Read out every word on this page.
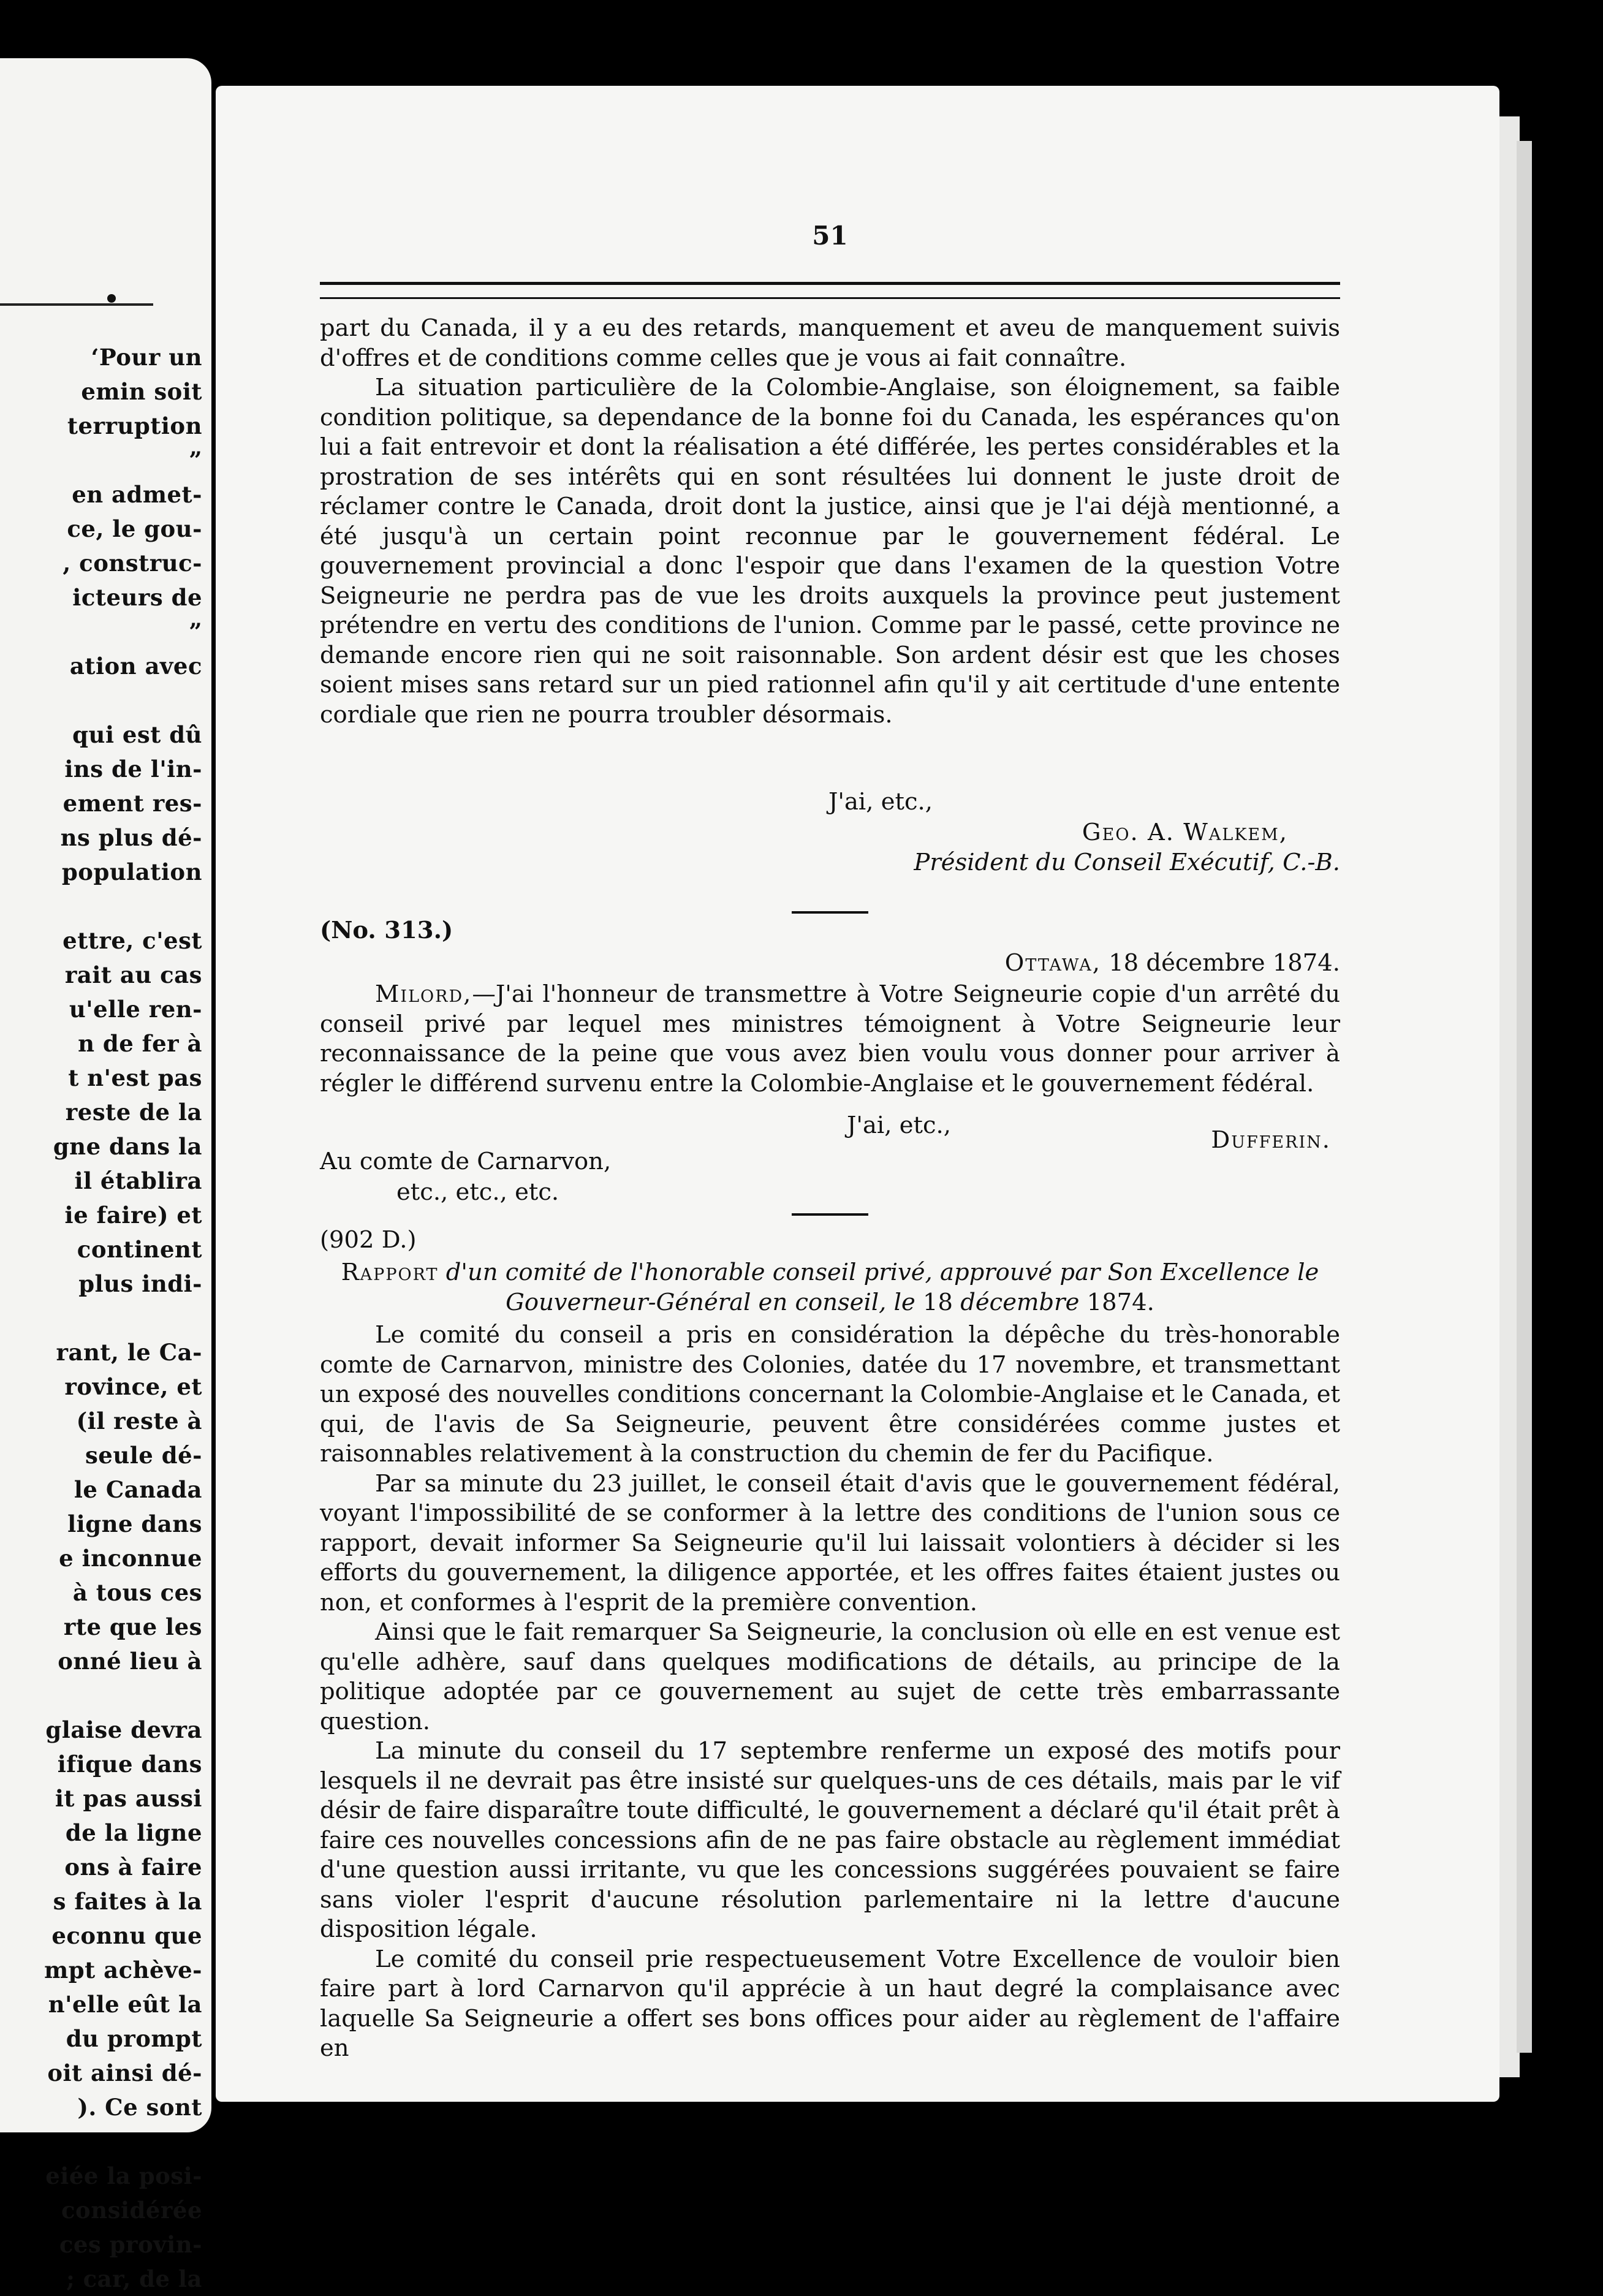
‘Pour un
emin soit
terruption
”
en admet-
ce, le gou-
, construc-
icteurs de
”
ation avec

qui est dû
ins de l'in-
ement res-
ns plus dé-
population

ettre, c'est
rait au cas
u'elle ren-
n de fer à
t n'est pas
reste de la
gne dans la
il établira
ie faire) et
continent
plus indi-

rant, le Ca-
rovince, et
(il reste à
seule dé-
le Canada
ligne dans
e inconnue
à tous ces
rte que les
onné lieu à

glaise devra
ifique dans
it pas aussi
de la ligne
ons à faire
s faites à la
econnu que
mpt achève-
n'elle eût la
du prompt
oit ainsi dé-
). Ce sont

eiée la posi-
considérée
ces provin-
; car, de la
51

part du Canada, il y a eu des retards, manquement et aveu de manquement suivis d'offres et de conditions comme celles que je vous ai fait connaître.

La situation particulière de la Colombie-Anglaise, son éloignement, sa faible condition politique, sa dependance de la bonne foi du Canada, les espérances qu'on lui a fait entrevoir et dont la réalisation a été différée, les pertes considérables et la prostration de ses intérêts qui en sont résultées lui donnent le juste droit de réclamer contre le Canada, droit dont la justice, ainsi que je l'ai déjà mentionné, a été jusqu'à un certain point reconnue par le gouvernement fédéral. Le gouvernement provincial a donc l'espoir que dans l'examen de la question Votre Seigneurie ne perdra pas de vue les droits auxquels la province peut justement prétendre en vertu des conditions de l'union. Comme par le passé, cette province ne demande encore rien qui ne soit raisonnable. Son ardent désir est que les choses soient mises sans retard sur un pied rationnel afin qu'il y ait certitude d'une entente cordiale que rien ne pourra troubler désormais.

J'ai, etc.,
Geo. A. Walkem,
Président du Conseil Exécutif, C.-B.
(No. 313.)
Ottawa, 18 décembre 1874.

Milord,—J'ai l'honneur de transmettre à Votre Seigneurie copie d'un arrêté du conseil privé par lequel mes ministres témoignent à Votre Seigneurie leur reconnaissance de la peine que vous avez bien voulu vous donner pour arriver à régler le différend survenu entre la Colombie-Anglaise et le gouvernement fédéral.

J'ai, etc.,
Dufferin.
Au comte de Carnarvon,
etc., etc., etc.
(902 D.)

Rapport d'un comité de l'honorable conseil privé, approuvé par Son Excellence le Gouverneur-Général en conseil, le 18 décembre 1874.

Le comité du conseil a pris en considération la dépêche du très-honorable comte de Carnarvon, ministre des Colonies, datée du 17 novembre, et transmettant un exposé des nouvelles conditions concernant la Colombie-Anglaise et le Canada, et qui, de l'avis de Sa Seigneurie, peuvent être considérées comme justes et raisonnables relativement à la construction du chemin de fer du Pacifique.

Par sa minute du 23 juillet, le conseil était d'avis que le gouvernement fédéral, voyant l'impossibilité de se conformer à la lettre des conditions de l'union sous ce rapport, devait informer Sa Seigneurie qu'il lui laissait volontiers à décider si les efforts du gouvernement, la diligence apportée, et les offres faites étaient justes ou non, et conformes à l'esprit de la première convention.

Ainsi que le fait remarquer Sa Seigneurie, la conclusion où elle en est venue est qu'elle adhère, sauf dans quelques modifications de détails, au principe de la politique adoptée par ce gouvernement au sujet de cette très embarrassante question.

La minute du conseil du 17 septembre renferme un exposé des motifs pour lesquels il ne devrait pas être insisté sur quelques-uns de ces détails, mais par le vif désir de faire disparaître toute difficulté, le gouvernement a déclaré qu'il était prêt à faire ces nouvelles concessions afin de ne pas faire obstacle au règlement immédiat d'une question aussi irritante, vu que les concessions suggérées pouvaient se faire sans violer l'esprit d'aucune résolution parlementaire ni la lettre d'aucune disposition légale.

Le comité du conseil prie respectueusement Votre Excellence de vouloir bien faire part à lord Carnarvon qu'il apprécie à un haut degré la complaisance avec laquelle Sa Seigneurie a offert ses bons offices pour aider au règlement de l'affaire en
